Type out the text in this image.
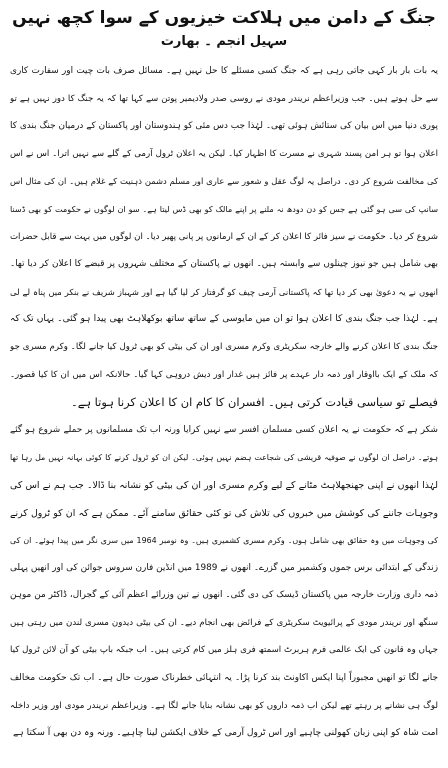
جنگ کے دامن میں ہلاکت خیزیوں کے سوا کچھ نہیں
سہیل انجم ۔ بھارت
یہ بات بار بار کہی جاتی رہی ہے کہ جنگ کسی مسئلے کا حل نہیں ہے۔ مسائل صرف بات چیت اور سفارت کاری
سے حل ہوتے ہیں۔ جب وزیراعظم نریندر مودی نے روسی صدر ولادیمیر پوتن سے کہا تھا کہ یہ جنگ کا دور نہیں ہے تو
پوری دنیا میں اس بیان کی ستائش ہوئی تھی۔ لہٰذا جب دس مئی کو ہندوستان اور پاکستان کے درمیان جنگ بندی کا
اعلان ہوا تو ہر امن پسند شہری نے مسرت کا اظہار کیا۔ لیکن یہ اعلان ٹرول آرمی کے گلے سے نہیں اترا۔ اس نے اس
کی مخالفت شروع کر دی۔ دراصل یہ لوگ عقل و شعور سے عاری اور مسلم دشمن ذہنیت کے غلام ہیں۔ ان کی مثال اس
سانپ کی سی ہو گئی ہے جس کو دن دودھ نہ ملنے پر اپنے مالک کو بھی ڈس لیتا ہے۔ سو ان لوگوں نے حکومت کو بھی ڈسنا
شروع کر دیا۔ حکومت نے سیز فائر کا اعلان کر کے ان کے ارمانوں پر پانی پھیر دیا۔ ان لوگوں میں بہت سے قابل حضرات
بھی شامل ہیں جو نیوز چینلوں سے وابستہ ہیں۔ انھوں نے پاکستان کے مختلف شہروں پر قبضے کا اعلان کر دیا تھا۔
انھوں نے یہ دعویٰ بھی کر دیا تھا کہ پاکستانی آرمی چیف کو گرفتار کر لیا گیا ہے اور شہباز شریف نے بنکر میں پناہ لے لی
ہے۔ لہٰذا جب جنگ بندی کا اعلان ہوا تو ان میں مایوسی کے ساتھ ساتھ بوکھلاہٹ بھی پیدا ہو گئی۔ یہاں تک کہ
جنگ بندی کا اعلان کرنے والے خارجہ سکریٹری وکرم مسری اور ان کی بیٹی کو بھی ٹرول کیا جانے لگا۔ وکرم مسری جو
کہ ملک کے ایک بااوقار اور ذمہ دار عہدے پر فائز ہیں غدار اور دیش دروہی کہا گیا۔ حالانکہ اس میں ان کا کیا قصور۔
فیصلے تو سیاسی قیادت کرتی ہیں۔ افسران کا کام ان کا اعلان کرنا ہوتا ہے۔
شکر ہے کہ حکومت نے یہ اعلان کسی مسلمان افسر سے نہیں کرایا ورنہ اب تک مسلمانوں پر حملے شروع ہو گئے
ہوتے۔ دراصل ان لوگوں نے صوفیہ قریشی کی شجاعت ہضم نہیں ہوئی۔ لیکن ان کو ٹرول کرنے کا کوئی بہانہ نہیں مل رہا تھا
لہٰذا انھوں نے اپنی جھنجھلاہٹ مٹانے کے لیے وکرم مسری اور ان کی بیٹی کو نشانہ بنا ڈالا۔ جب ہم نے اس کی
وجوہات جاننے کی کوشش میں خبروں کی تلاش کی تو کئی حقائق سامنے آئے۔ ممکن ہے کہ ان کو ٹرول کرنے
کی وجوہات میں وہ حقائق بھی شامل ہوں۔ وکرم مسری کشمیری ہیں۔ وہ نومبر 1964 میں سری نگر میں پیدا ہوئے۔ ان کی
زندگی کے ابتدائی برس جموں وکشمیر میں گزرے۔ انھوں نے 1989 میں انڈین فارن سروس جوائن کی اور انھیں پہلی
ذمہ داری وزارت خارجہ میں پاکستان ڈیسک کی دی گئی۔ انھوں نے تین وزرائے اعظم آئی کے گجرال، ڈاکٹر من موہن
سنگھ اور نریندر مودی کے پرائیویٹ سکریٹری کے فرائض بھی انجام دیے۔ ان کی بیٹی دیدون مسری لندن میں رہتی ہیں
جہاں وہ قانون کی ایک عالمی فرم ہربرٹ اسمتھ فری ہلز میں کام کرتی ہیں۔ اب جبکہ باپ بیٹی کو آن لائن ٹرول کیا
جانے لگا تو انھیں مجبوراً اپنا ایکس اکاونٹ بند کرنا پڑا۔ یہ انتہائی خطرناک صورت حال ہے۔ اب تک حکومت مخالف
لوگ ہی نشانے پر رہتے تھے لیکن اب ذمہ داروں کو بھی نشانہ بنایا جانے لگا ہے۔ وزیراعظم نریندر مودی اور وزیر داخلہ
امت شاہ کو اپنی زبان کھولنی چاہیے اور اس ٹرول آرمی کے خلاف ایکشن لینا چاہیے۔ ورنہ وہ دن بھی آ سکتا ہے
